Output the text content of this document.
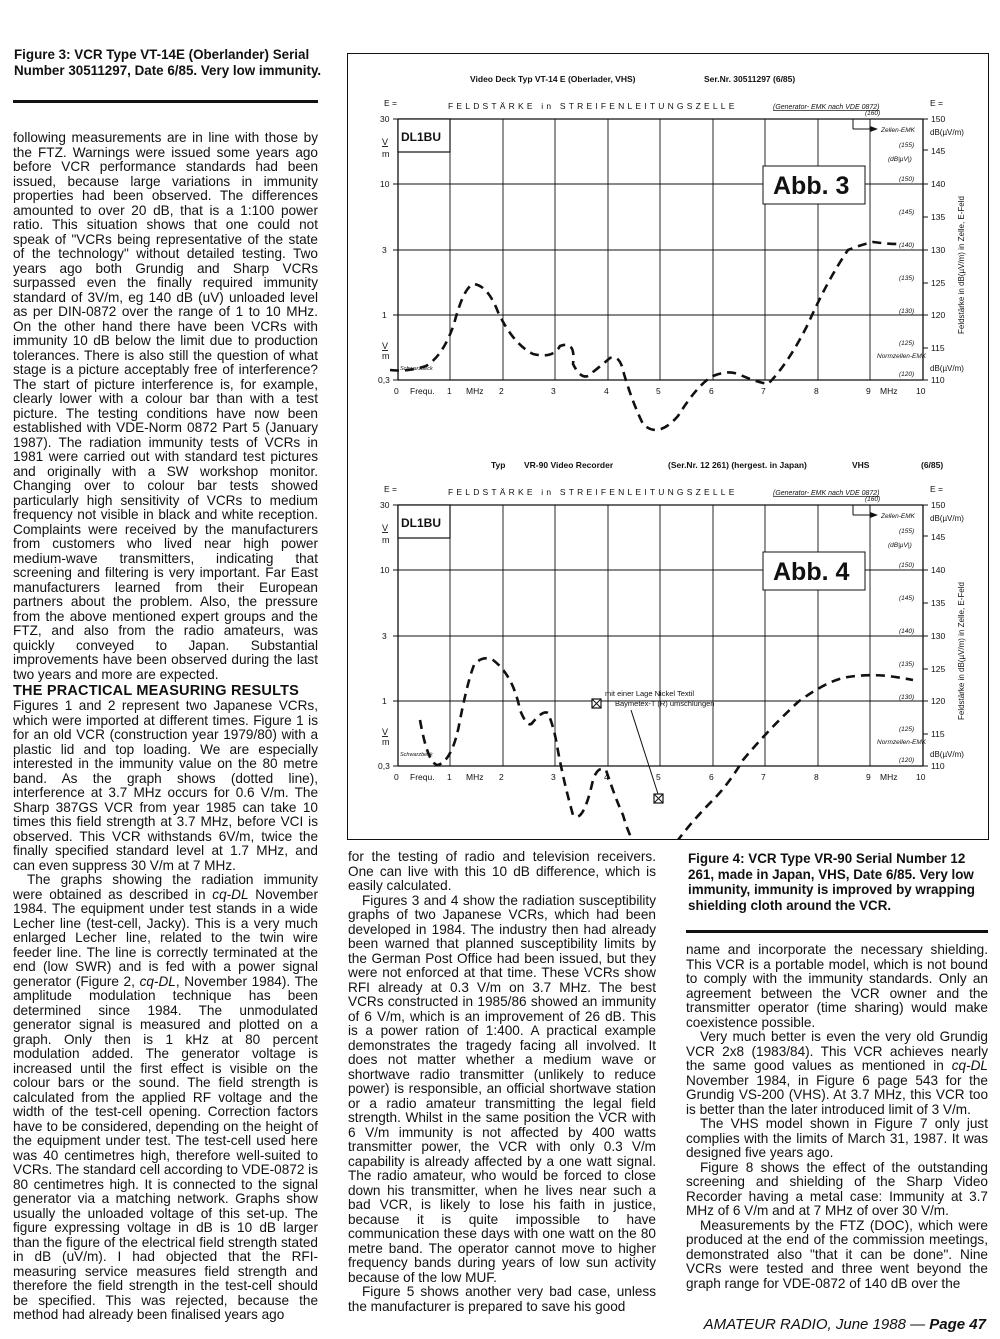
Figure 3: VCR Type VT-14E (Oberlander) Serial Number 30511297, Date 6/85. Very low immunity.

following measurements are in line with those by the FTZ. Warnings were issued some years ago before VCR performance standards had been issued, because large variations in immunity properties had been observed. The differences amounted to over 20 dB, that is a 1:100 power ratio. This situation shows that one could not speak of "VCRs being representative of the state of the technology" without detailed testing. Two years ago both Grundig and Sharp VCRs surpassed even the finally required immunity standard of 3V/m, eg 140 dB (uV) unloaded level as per DIN-0872 over the range of 1 to 10 MHz. On the other hand there have been VCRs with immunity 10 dB below the limit due to production tolerances. There is also still the question of what stage is a picture acceptably free of interference? The start of picture interference is, for example, clearly lower with a colour bar than with a test picture. The testing conditions have now been established with VDE-Norm 0872 Part 5 (January 1987). The radiation immunity tests of VCRs in 1981 were carried out with standard test pictures and originally with a SW workshop monitor. Changing over to colour bar tests showed particularly high sensitivity of VCRs to medium frequency not visible in black and white reception. Complaints were received by the manufacturers from customers who lived near high power medium-wave transmitters, indicating that screening and filtering is very important. Far East manufacturers learned from their European partners about the problem. Also, the pressure from the above mentioned expert groups and the FTZ, and also from the radio amateurs, was quickly conveyed to Japan. Substantial improvements have been observed during the last two years and more are expected.

THE PRACTICAL MEASURING RESULTS

Figures 1 and 2 represent two Japanese VCRs, which were imported at different times. Figure 1 is for an old VCR (construction year 1979/80) with a plastic lid and top loading. We are especially interested in the immunity value on the 80 metre band. As the graph shows (dotted line), interference at 3.7 MHz occurs for 0.6 V/m. The Sharp 387GS VCR from year 1985 can take 10 times this field strength at 3.7 MHz, before VCI is observed. This VCR withstands 6V/m, twice the finally specified standard level at 1.7 MHz, and can even suppress 30 V/m at 7 MHz.

The graphs showing the radiation immunity were obtained as described in cq-DL November 1984. The equipment under test stands in a wide Lecher line (test-cell, Jacky). This is a very much enlarged Lecher line, related to the twin wire feeder line. The line is correctly terminated at the end (low SWR) and is fed with a power signal generator (Figure 2, cq-DL, November 1984). The amplitude modulation technique has been determined since 1984. The unmodulated generator signal is measured and plotted on a graph. Only then is 1 kHz at 80 percent modulation added. The generator voltage is increased until the first effect is visible on the colour bars or the sound. The field strength is calculated from the applied RF voltage and the width of the test-cell opening. Correction factors have to be considered, depending on the height of the equipment under test. The test-cell used here was 40 centimetres high, therefore well-suited to VCRs. The standard cell according to VDE-0872 is 80 centimetres high. It is connected to the signal generator via a matching network. Graphs show usually the unloaded voltage of this set-up. The figure expressing voltage in dB is 10 dB larger than the figure of the electrical field strength stated in dB (uV/m). I had objected that the RFI-measuring service measures field strength and therefore the field strength in the test-cell should be specified. This was rejected, because the method had already been finalised years ago

Video Deck Typ VT-14 E (Oberlader, VHS)	Ser.Nr. 30511297 (6/85)
E =	E =
FELDSTÄRKE in STREIFENLEITUNGSZELLE	(Generator- EMK nach VDE 0872)
DL1BU
V
m
V
m
30
10
3
1
0,3
150
145
140
135
130
125
120
115
110
dB(µV/m)
dB(µV/m)
Feldstärke in dB(µV/m) in Zelle, E-Feld
(160)
Zellen-EMK
(155)
(dB|µV|)
(150)
(145)
(140)
(135)
(130)
(125)
Normzellen-EMK
(120)
Schwarzbeck
Abb. 3
0 Frequ. 1 MHz 2	3	4	5	6	7	8	9 MHz 10
Typ VR-90 Video Recorder	(Ser.Nr. 12 261) (hergest. in Japan)	VHS	(6/85)
E =	E =
FELDSTÄRKE in STREIFENLEITUNGSZELLE	(Generator- EMK nach VDE 0872)
DL1BU
V
m
V
m
30
10
3
1
0,3
150
145
140
135
130
125
120
115
110
dB(µV/m)
dB(µV/m)
Feldstärke in dB(µV/m) in Zelle, E-Feld
(160)
Zellen-EMK
(155)
(dB|µV|)
(150)
(145)
(140)
(135)
(130)
(125)
Normzellen-EMK
(120)
Schwarzbeck
Abb. 4
mit einer Lage Nickel Textil
Baymetex-T (R) umschlungen
0 Frequ. 1 MHz 2	3	4	5	6	7	8	9 MHz 10

for the testing of radio and television receivers. One can live with this 10 dB difference, which is easily calculated.

Figures 3 and 4 show the radiation susceptibility graphs of two Japanese VCRs, which had been developed in 1984. The industry then had already been warned that planned susceptibility limits by the German Post Office had been issued, but they were not enforced at that time. These VCRs show RFI already at 0.3 V/m on 3.7 MHz. The best VCRs constructed in 1985/86 showed an immunity of 6 V/m, which is an improvement of 26 dB. This is a power ration of 1:400. A practical example demonstrates the tragedy facing all involved. It does not matter whether a medium wave or shortwave radio transmitter (unlikely to reduce power) is responsible, an official shortwave station or a radio amateur transmitting the legal field strength. Whilst in the same position the VCR with 6 V/m immunity is not affected by 400 watts transmitter power, the VCR with only 0.3 V/m capability is already affected by a one watt signal. The radio amateur, who would be forced to close down his transmitter, when he lives near such a bad VCR, is likely to lose his faith in justice, because it is quite impossible to have communication these days with one watt on the 80 metre band. The operator cannot move to higher frequency bands during years of low sun activity because of the low MUF.

Figure 5 shows another very bad case, unless the manufacturer is prepared to save his good

Figure 4: VCR Type VR-90 Serial Number 12 261, made in Japan, VHS, Date 6/85. Very low immunity, immunity is improved by wrapping shielding cloth around the VCR.

name and incorporate the necessary shielding. This VCR is a portable model, which is not bound to comply with the immunity standards. Only an agreement between the VCR owner and the transmitter operator (time sharing) would make coexistence possible.

Very much better is even the very old Grundig VCR 2x8 (1983/84). This VCR achieves nearly the same good values as mentioned in cq-DL November 1984, in Figure 6 page 543 for the Grundig VS-200 (VHS). At 3.7 MHz, this VCR too is better than the later introduced limit of 3 V/m.

The VHS model shown in Figure 7 only just complies with the limits of March 31, 1987. It was designed five years ago.

Figure 8 shows the effect of the outstanding screening and shielding of the Sharp Video Recorder having a metal case: Immunity at 3.7 MHz of 6 V/m and at 7 MHz of over 30 V/m.

Measurements by the FTZ (DOC), which were produced at the end of the commission meetings, demonstrated also "that it can be done". Nine VCRs were tested and three went beyond the graph range for VDE-0872 of 140 dB over the

AMATEUR RADIO, June 1988 — Page 47
